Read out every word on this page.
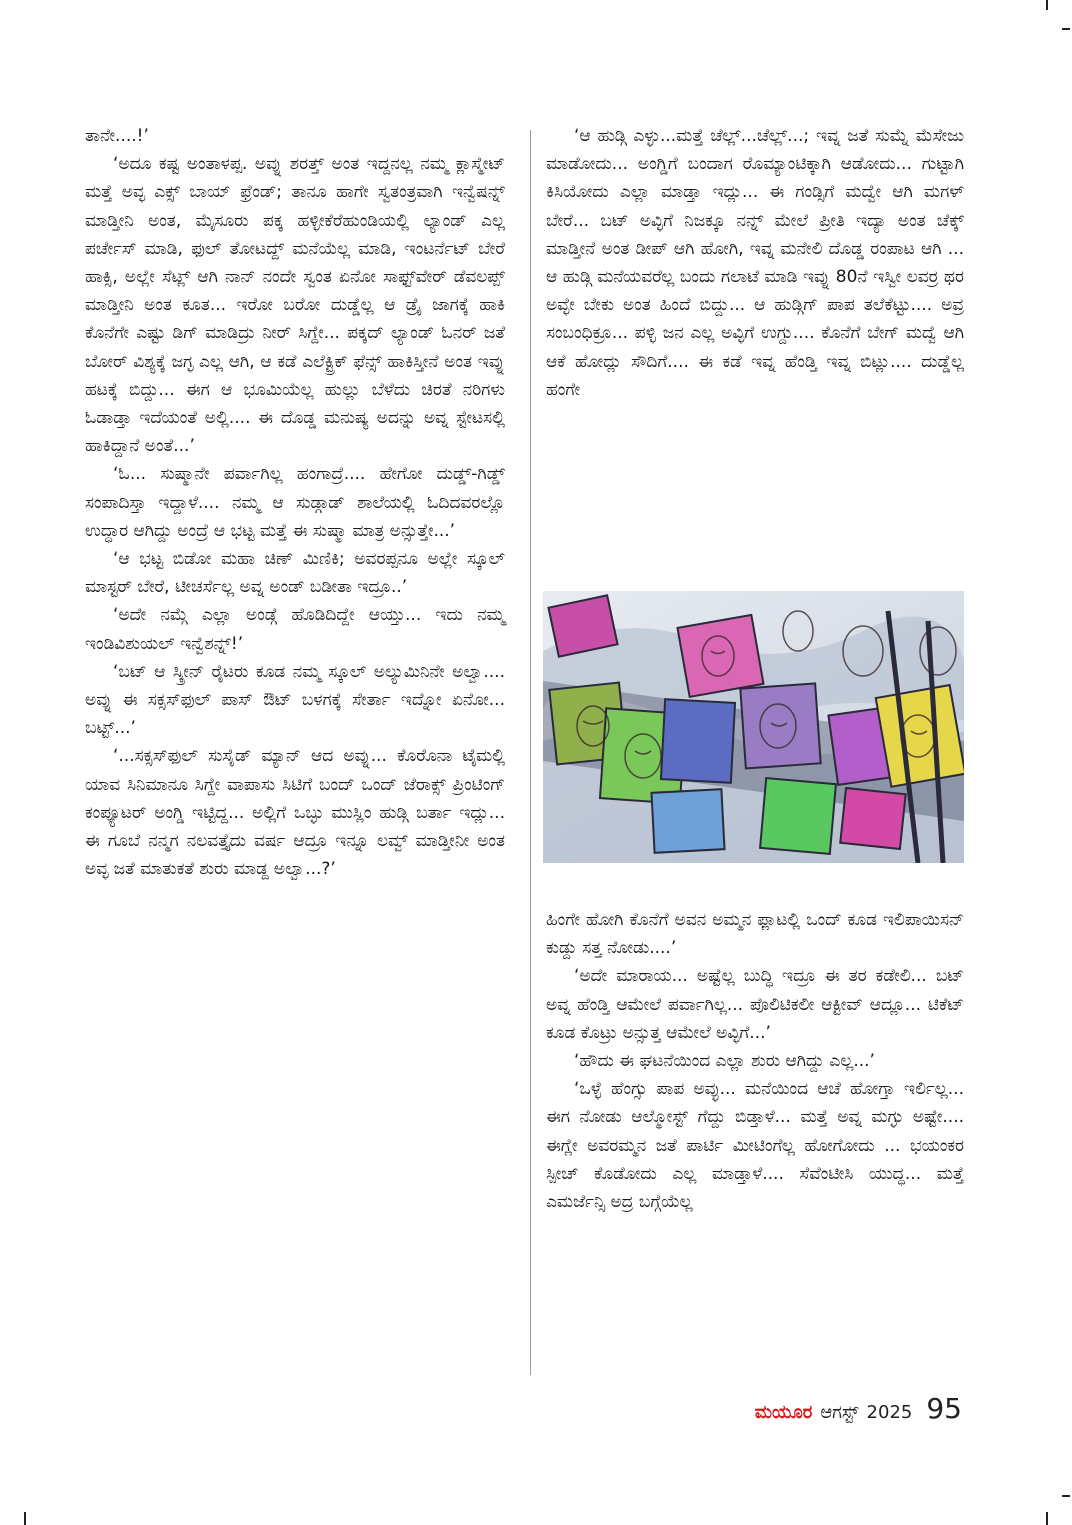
ತಾನೇ....!’

‘ಅದೂ ಕಷ್ಟ ಅಂತಾಳಪ್ಪ. ಅವ್ನು ಶರತ್ತ್ ಅಂತ ಇದ್ದನಲ್ಲ ನಮ್ಮ ಕ್ಲಾಸ್ಮೇಟ್ ಮತ್ತೆ ಅವ್ಳ ಎಕ್ಸ್ ಬಾಯ್ ಫ್ರೆಂಡ್; ತಾನೂ ಹಾಗೇ ಸ್ವತಂತ್ರವಾಗಿ ಇನ್ವೆಷನ್ನ್ ಮಾಡ್ತೀನಿ ಅಂತ, ಮೈಸೂರು ಪಕ್ಕ ಹಳ್ಳೀಕೆರೆಹುಂಡಿಯಲ್ಲಿ ಲ್ಯಾಂಡ್ ಎಲ್ಲ ಪರ್ಚೇಸ್ ಮಾಡಿ, ಫುಲ್ ತೋಟದ್ದ್ ಮನೆಯೆಲ್ಲ ಮಾಡಿ, ಇಂಟರ್ನೆಟ್ ಬೇರೆ ಹಾಕ್ಸಿ, ಅಲ್ಲೇ ಸೆಟ್ಲ್ ಆಗಿ ನಾನ್ ನಂದೇ ಸ್ವಂತ ಏನೋ ಸಾಫ್ಟ್‌ವೇರ್ ಡೆವಲಪ್ಪ್ ಮಾಡ್ತೀನಿ ಅಂತ ಕೂತ... ಇರೋ ಬರೋ ದುಡ್ಡೆಲ್ಲ ಆ ಡ್ರೈ ಜಾಗಕ್ಕೆ ಹಾಕಿ ಕೊನೆಗೇ ಎಷ್ಟು ಡಿಗ್ ಮಾಡಿದ್ರು ನೀರ್ ಸಿಗ್ದೇ... ಪಕ್ಕದ್ ಲ್ಯಾಂಡ್ ಓನರ್ ಜತೆ ಬೋರ್ ವಿಶ್ಯಕ್ಕೆ ಜಗ್ಳ ಎಲ್ಲ ಆಗಿ, ಆ ಕಡೆ ಎಲೆಕ್ಟ್ರಿಕ್ ಫೆನ್ಸ್ ಹಾಕಿಸ್ತೀನೆ ಅಂತ ಇವ್ನು ಹಟಕ್ಕೆ ಬಿದ್ದು... ಈಗ ಆ ಭೂಮಿಯೆಲ್ಲ ಹುಲ್ಲು ಬೆಳೆದು ಚಿರತೆ ನರಿಗಳು ಓಡಾಡ್ತಾ ಇದೆಯಂತೆ ಅಲ್ಲಿ.... ಈ ದೊಡ್ಡ ಮನುಷ್ಯ ಅದನ್ನು ಅವ್ನ ಸ್ಟೇಟಸಲ್ಲಿ ಹಾಕಿದ್ದಾನೆ ಅಂತೆ...’

‘ಓ... ಸುಷ್ಮಾನೇ ಪರ್ವಾಗಿಲ್ಲ ಹಂಗಾದ್ರೆ.... ಹೇಗೋ ದುಡ್ಡ್-ಗಿಡ್ಡ್ ಸಂಪಾದಿಸ್ತಾ ಇದ್ದಾಳೆ.... ನಮ್ಮ ಆ ಸುಡ್ಗಾಡ್ ಶಾಲೆಯಲ್ಲಿ ಓದಿದವರಲ್ಲೊ ಉದ್ಧಾರ ಆಗಿದ್ದು ಅಂದ್ರೆ ಆ ಭಟ್ಟ ಮತ್ತೆ ಈ ಸುಷ್ಮಾ ಮಾತ್ರ ಅನ್ಸುತ್ತೇ...’

‘ಆ ಭಟ್ಟ ಬಿಡೋ ಮಹಾ ಚಿಣ್ ಮಿಣಿಕಿ; ಅವರಪ್ಪನೂ ಅಲ್ಲೇ ಸ್ಕೂಲ್ ಮಾಸ್ಟರ್ ಬೇರೆ, ಟೀಚರ್ಸೆಲ್ಲ ಅವ್ನ ಅಂಡ್ ಬಡೀತಾ ಇದ್ರೂ..’

‘ಅದೇ ನಮ್ಗೆ ಎಲ್ಲಾ ಅಂಡ್ಗೆ ಹೊಡಿದಿದ್ದೇ ಆಯ್ತು... ಇದು ನಮ್ಮ ಇಂಡಿವಿಶುಯಲ್ ಇನ್ವೆಶನ್ನ್!’

‘ಬಟ್ ಆ ಸ್ಕ್ರೀನ್ ರೈಟರು ಕೂಡ ನಮ್ಮ ಸ್ಕೂಲ್ ಅಲ್ಯುಮಿನಿನೇ ಅಲ್ವಾ.... ಅವ್ನು ಈ ಸಕ್ಸಸ್‌ಫುಲ್ ಪಾಸ್ ಔಟ್ ಬಳಗಕ್ಕೆ ಸೇರ್ತಾ ಇದ್ನೋ ಏನೋ... ಬಟ್ಟ್...’

‘...ಸಕ್ಸಸ್‌ಫುಲ್ ಸುಸೈಡ್ ಮ್ಯಾನ್ ಆದ ಅವ್ನು... ಕೊರೊನಾ ಟೈಮಲ್ಲಿ ಯಾವ ಸಿನಿಮಾನೂ ಸಿಗ್ದೇ ವಾಪಾಸು ಸಿಟಿಗೆ ಬಂದ್ ಒಂದ್ ಜೆರಾಕ್ಸ್ ಪ್ರಿಂಟಿಂಗ್ ಕಂಪ್ಯೂಟರ್ ಅಂಗ್ಡಿ ಇಟ್ಟಿದ್ದ... ಅಲ್ಲಿಗೆ ಒಬ್ಳು ಮುಸ್ಲಿಂ ಹುಡ್ಗಿ ಬರ್ತಾ ಇದ್ಲು... ಈ ಗೂಬೆ ನನ್ಮಗ ನಲವತ್ತೈದು ವರ್ಷ ಆದ್ರೂ ಇನ್ನೂ ಲವ್ವ್ ಮಾಡ್ತೀನೀ ಅಂತ ಅವ್ಳ ಜತೆ ಮಾತುಕತೆ ಶುರು ಮಾಡ್ದ ಅಲ್ವಾ...?’

‘ಆ ಹುಡ್ಗಿ ಎಳ್ಳು...ಮತ್ತೆ ಚೆಲ್ಲ್...ಚೆಲ್ಲ್...; ಇವ್ನ ಜತೆ ಸುಮ್ನೆ ಮೆಸೇಜು ಮಾಡೋದು... ಅಂಗ್ಡಿಗೆ ಬಂದಾಗ ರೊಮ್ಯಾಂಟಿಕ್ಕಾಗಿ ಆಡೋದು... ಗುಟ್ಟಾಗಿ ಕಿಸಿಯೋದು ಎಲ್ಲಾ ಮಾಡ್ತಾ ಇದ್ಲು... ಈ ಗಂಡ್ಸಿಗೆ ಮದ್ವೇ ಆಗಿ ಮಗಳ್ ಬೇರೆ... ಬಟ್ ಅವ್ಳಿಗೆ ನಿಜಕ್ಕೂ ನನ್ನ್ ಮೇಲೆ ಪ್ರೀತಿ ಇದ್ಯಾ ಅಂತ ಚೆಕ್ಕ್ ಮಾಡ್ತೀನೆ ಅಂತ ಡೀಪ್ ಆಗಿ ಹೋಗಿ, ಇವ್ನ ಮನೇಲಿ ದೊಡ್ಡ ರಂಪಾಟ ಆಗಿ ... ಆ ಹುಡ್ಗಿ ಮನೆಯವರೆಲ್ಲ ಬಂದು ಗಲಾಟೆ ಮಾಡಿ ಇವ್ನು 80ನೆ ಇಸ್ವೀ ಲವರ್ರ ಥರ ಅವ್ಳೇ ಬೇಕು ಅಂತ ಹಿಂದೆ ಬಿದ್ದು... ಆ ಹುಡ್ಗಿಗ್ ಪಾಪ ತಲೆಕೆಟ್ಟು.... ಅವ್ರ ಸಂಬಂಧಿಕ್ರೂ... ಪಳ್ಳಿ ಜನ ಎಲ್ಲ ಅವ್ಳಿಗೆ ಉಗ್ದು.... ಕೊನೆಗೆ ಬೇಗ್ ಮದ್ವೆ ಆಗಿ ಆಕೆ ಹೋದ್ಲು ಸೌದಿಗೆ.... ಈ ಕಡೆ ಇವ್ನ ಹೆಂಡ್ತಿ ಇವ್ನ ಬಿಟ್ಲು.... ದುಡ್ಡೆಲ್ಲ ಹಂಗೇ

ಹಿಂಗೇ ಹೋಗಿ ಕೊನೆಗೆ ಅವನ ಅಮ್ಮನ ಫ್ಲಾಟಲ್ಲಿ ಒಂದ್ ಕೂಡ ಇಲಿಪಾಯಿಸನ್ ಕುಡ್ದು ಸತ್ತ ನೋಡು....’

‘ಅದೇ ಮಾರಾಯ... ಅಷ್ಟೆಲ್ಲ ಬುದ್ಧಿ ಇದ್ರೂ ಈ ತರ ಕಡೇಲಿ... ಬಟ್ ಅವ್ನ ಹೆಂಡ್ತಿ ಆಮೇಲೆ ಪರ್ವಾಗಿಲ್ಲ... ಪೊಲಿಟಿಕಲೀ ಆಕ್ಟೀವ್ ಆದ್ಲೂ... ಟಿಕೆಟ್ ಕೂಡ ಕೊಟ್ರು ಅನ್ಸುತ್ತ ಆಮೇಲೆ ಅವ್ಳಿಗೆ...’

‘ಹೌದು ಈ ಘಟನೆಯಿಂದ ಎಲ್ಲಾ ಶುರು ಆಗಿದ್ದು ಎಲ್ಲ...’

‘ಒಳ್ಳೆ ಹೆಂಗ್ಸು ಪಾಪ ಅವ್ಳು... ಮನೆಯಿಂದ ಆಚೆ ಹೋಗ್ತಾ ಇರ್ಲಿಲ್ಲ... ಈಗ ನೋಡು ಆಲ್ಮೋಸ್ಟ್ ಗೆದ್ದು ಬಿಡ್ತಾಳೆ... ಮತ್ತೆ ಅವ್ನ ಮಗ್ಳು ಅಷ್ಟೇ.... ಈಗ್ಲೇ ಅವರಮ್ಮನ ಜತೆ ಪಾರ್ಟಿ ಮೀಟಿಂಗೆಲ್ಲ ಹೋಗೋದು ... ಭಯಂಕರ ಸ್ಪೀಚ್ ಕೊಡೋದು ಎಲ್ಲ ಮಾಡ್ತಾಳೆ.... ಸೆವೆಂಟೀಸಿ ಯುದ್ಧ... ಮತ್ತೆ ಎಮರ್ಜೆನ್ಸಿ ಅದ್ರ ಬಗ್ಗೆಯೆಲ್ಲ

ಮಯೂರ ಆಗಸ್ಟ್ 2025 95
